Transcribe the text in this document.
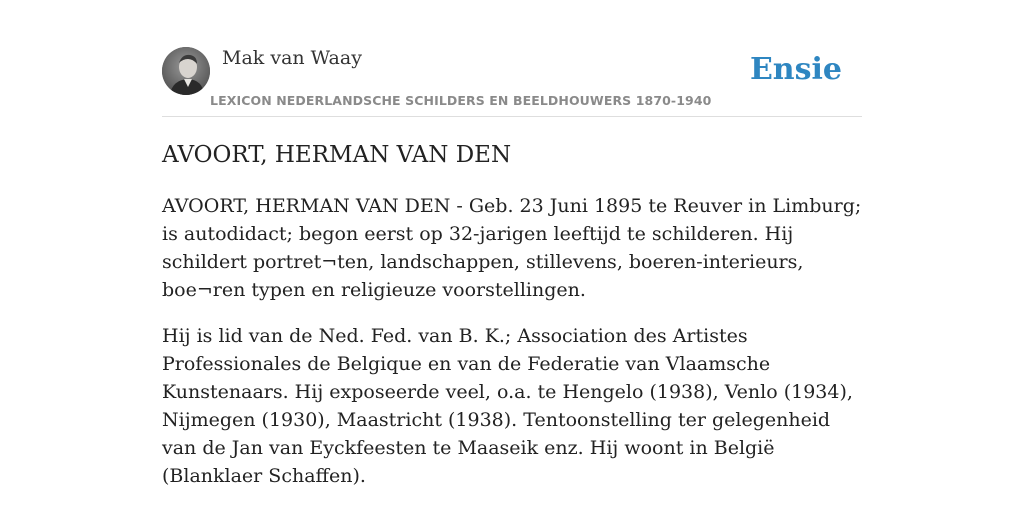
Mak van Waay
LEXICON NEDERLANDSCHE SCHILDERS EN BEELDHOUWERS 1870-1940
Ensie
AVOORT, HERMAN VAN DEN

AVOORT, HERMAN VAN DEN - Geb. 23 Juni 1895 te Reuver in Limburg; is autodidact; begon eerst op 32-jarigen leeftijd te schilderen. Hij schildert portret¬ten, landschappen, stillevens, boeren-interieurs, boe¬ren typen en religieuze voorstellingen.

Hij is lid van de Ned. Fed. van B. K.; Association des Artistes Professionales de Belgique en van de Federatie van Vlaamsche Kunstenaars. Hij exposeerde veel, o.a. te Hengelo (1938), Venlo (1934), Nijmegen (1930), Maastricht (1938). Tentoonstelling ter gelegenheid van de Jan van Eyckfeesten te Maaseik enz. Hij woont in België (Blanklaer Schaffen).
